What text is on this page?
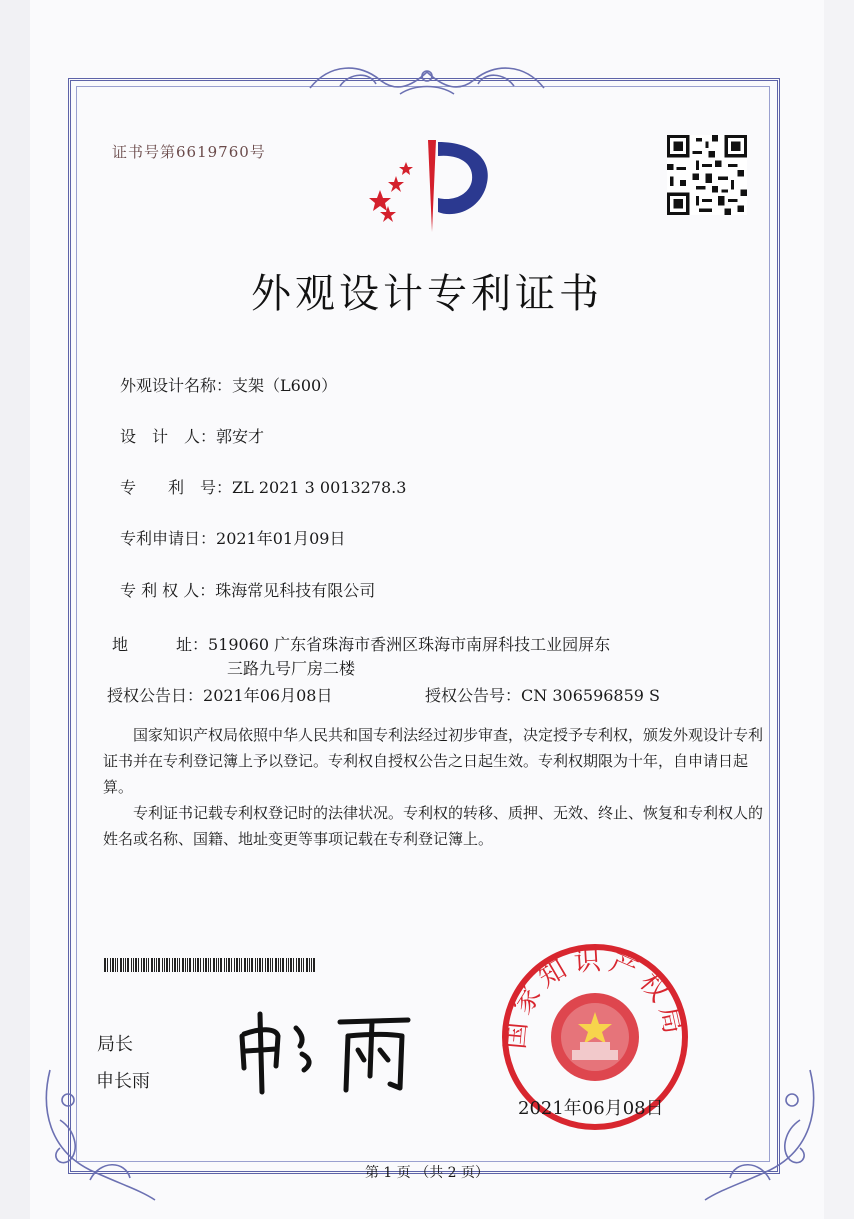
证书号第6619760号
外观设计专利证书
外观设计名称：支架（L600）
设　计　人：郭安才
专　　利　号：ZL 2021 3 0013278.3
专利申请日：2021年01月09日
专 利 权 人：珠海常见科技有限公司
地　　　址：519060 广东省珠海市香洲区珠海市南屏科技工业园屏东
三路九号厂房二楼
授权公告日：2021年06月08日	授权公告号：CN 306596859 S
国家知识产权局依照中华人民共和国专利法经过初步审查，决定授予专利权，颁发外观设计专利证书并在专利登记簿上予以登记。专利权自授权公告之日起生效。专利权期限为十年，自申请日起算。
专利证书记载专利权登记时的法律状况。专利权的转移、质押、无效、终止、恢复和专利权人的姓名或名称、国籍、地址变更等事项记载在专利登记簿上。
局长
申长雨
国家知识产权局
2021年06月08日
第 1 页 （共 2 页）
